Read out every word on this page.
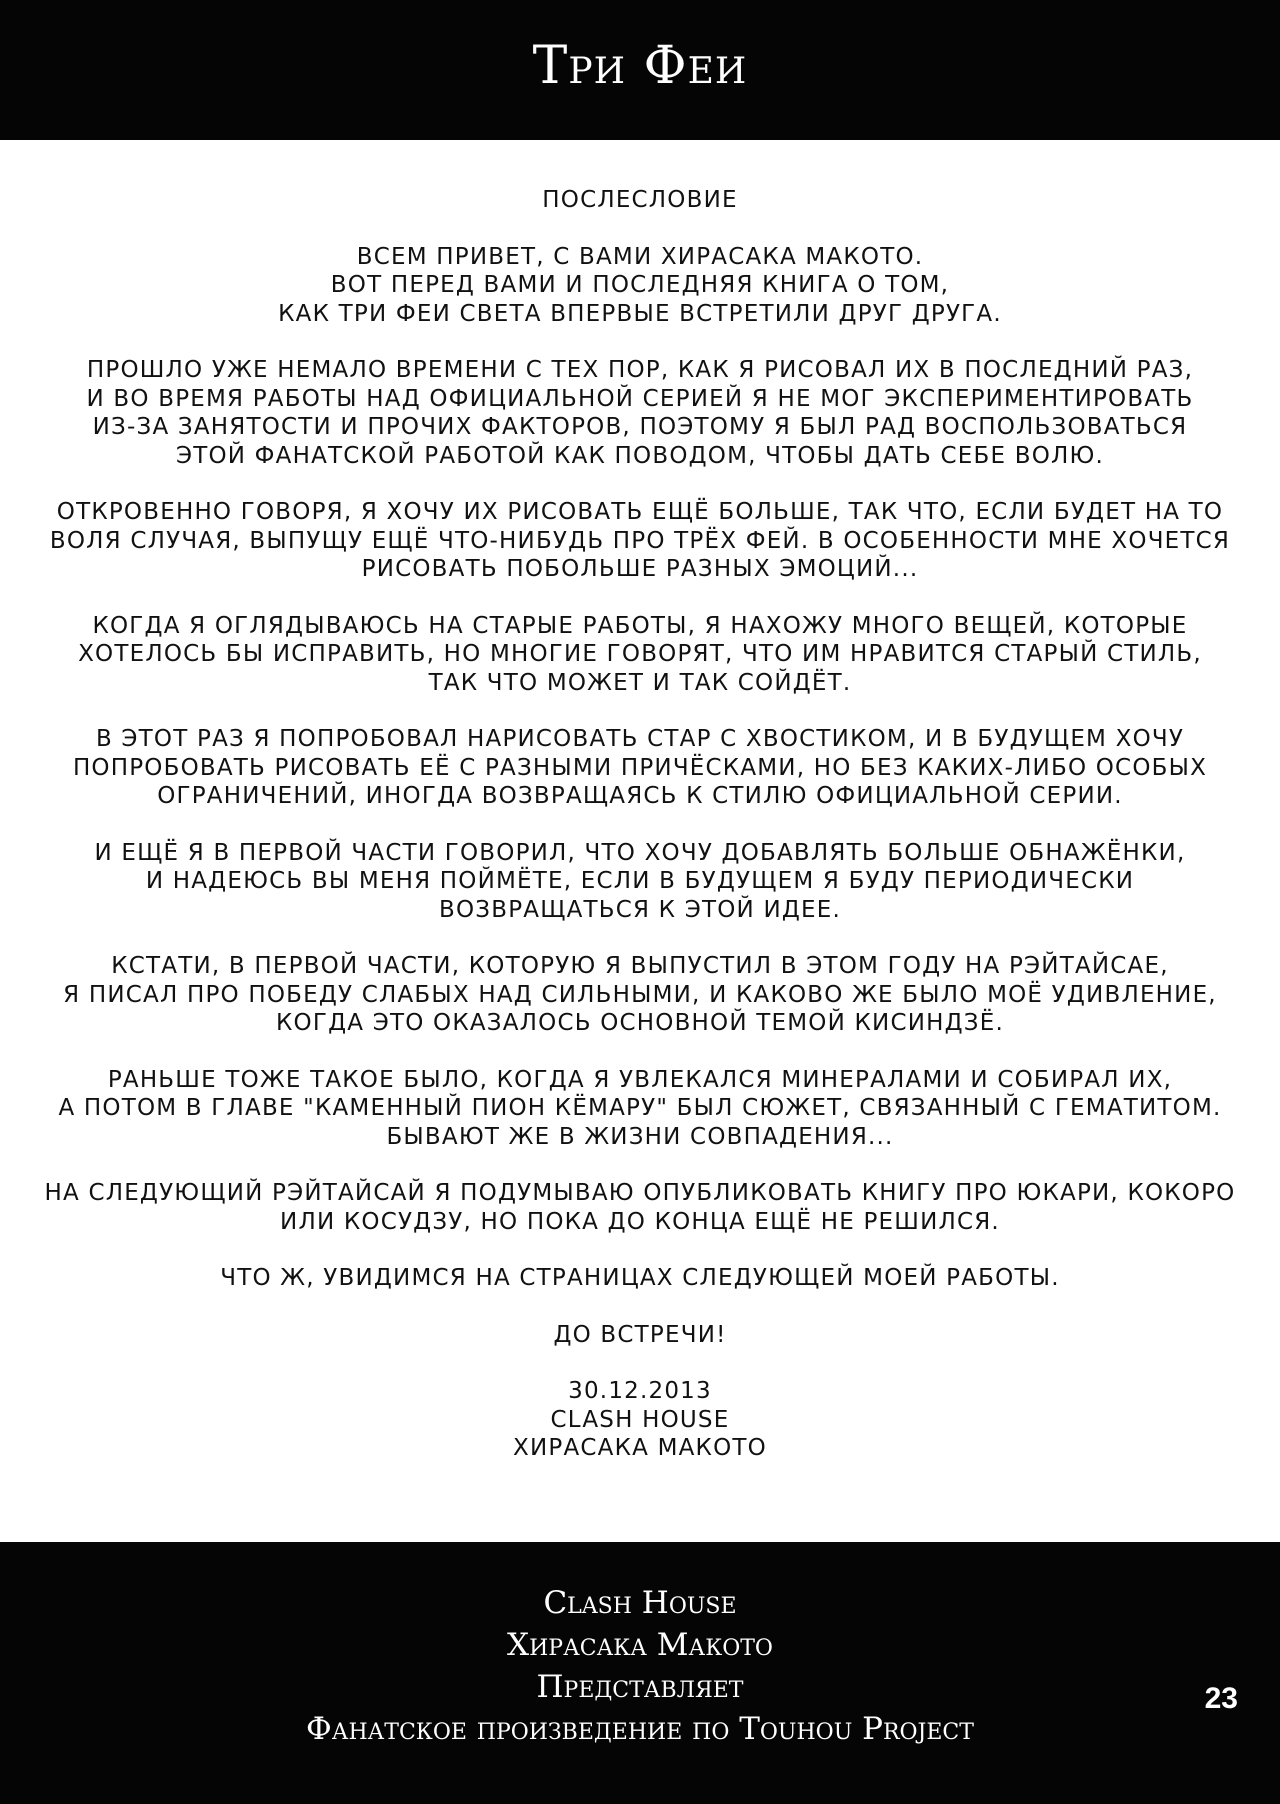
Три Феи
ПОСЛЕСЛОВИЕ
ВСЕМ ПРИВЕТ, С ВАМИ ХИРАСАКА МАКОТО.
ВОТ ПЕРЕД ВАМИ И ПОСЛЕДНЯЯ КНИГА О ТОМ,
КАК ТРИ ФЕИ СВЕТА ВПЕРВЫЕ ВСТРЕТИЛИ ДРУГ ДРУГА.
ПРОШЛО УЖЕ НЕМАЛО ВРЕМЕНИ С ТЕХ ПОР, КАК Я РИСОВАЛ ИХ В ПОСЛЕДНИЙ РАЗ,
И ВО ВРЕМЯ РАБОТЫ НАД ОФИЦИАЛЬНОЙ СЕРИЕЙ Я НЕ МОГ ЭКСПЕРИМЕНТИРОВАТЬ
ИЗ-ЗА ЗАНЯТОСТИ И ПРОЧИХ ФАКТОРОВ, ПОЭТОМУ Я БЫЛ РАД ВОСПОЛЬЗОВАТЬСЯ
ЭТОЙ ФАНАТСКОЙ РАБОТОЙ КАК ПОВОДОМ, ЧТОБЫ ДАТЬ СЕБЕ ВОЛЮ.
ОТКРОВЕННО ГОВОРЯ, Я ХОЧУ ИХ РИСОВАТЬ ЕЩЁ БОЛЬШЕ, ТАК ЧТО, ЕСЛИ БУДЕТ НА ТО
ВОЛЯ СЛУЧАЯ, ВЫПУЩУ ЕЩЁ ЧТО-НИБУДЬ ПРО ТРЁХ ФЕЙ. В ОСОБЕННОСТИ МНЕ ХОЧЕТСЯ
РИСОВАТЬ ПОБОЛЬШЕ РАЗНЫХ ЭМОЦИЙ...
КОГДА Я ОГЛЯДЫВАЮСЬ НА СТАРЫЕ РАБОТЫ, Я НАХОЖУ МНОГО ВЕЩЕЙ, КОТОРЫЕ
ХОТЕЛОСЬ БЫ ИСПРАВИТЬ, НО МНОГИЕ ГОВОРЯТ, ЧТО ИМ НРАВИТСЯ СТАРЫЙ СТИЛЬ,
ТАК ЧТО МОЖЕТ И ТАК СОЙДЁТ.
В ЭТОТ РАЗ Я ПОПРОБОВАЛ НАРИСОВАТЬ СТАР С ХВОСТИКОМ, И В БУДУЩЕМ ХОЧУ
ПОПРОБОВАТЬ РИСОВАТЬ ЕЁ С РАЗНЫМИ ПРИЧЁСКАМИ, НО БЕЗ КАКИХ-ЛИБО ОСОБЫХ
ОГРАНИЧЕНИЙ, ИНОГДА ВОЗВРАЩАЯСЬ К СТИЛЮ ОФИЦИАЛЬНОЙ СЕРИИ.
И ЕЩЁ Я В ПЕРВОЙ ЧАСТИ ГОВОРИЛ, ЧТО ХОЧУ ДОБАВЛЯТЬ БОЛЬШЕ ОБНАЖЁНКИ,
И НАДЕЮСЬ ВЫ МЕНЯ ПОЙМЁТЕ, ЕСЛИ В БУДУЩЕМ Я БУДУ ПЕРИОДИЧЕСКИ
ВОЗВРАЩАТЬСЯ К ЭТОЙ ИДЕЕ.
КСТАТИ, В ПЕРВОЙ ЧАСТИ, КОТОРУЮ Я ВЫПУСТИЛ В ЭТОМ ГОДУ НА РЭЙТАЙСАЕ,
Я ПИСАЛ ПРО ПОБЕДУ СЛАБЫХ НАД СИЛЬНЫМИ, И КАКОВО ЖЕ БЫЛО МОЁ УДИВЛЕНИЕ,
КОГДА ЭТО ОКАЗАЛОСЬ ОСНОВНОЙ ТЕМОЙ КИСИНДЗЁ.
РАНЬШЕ ТОЖЕ ТАКОЕ БЫЛО, КОГДА Я УВЛЕКАЛСЯ МИНЕРАЛАМИ И СОБИРАЛ ИХ,
А ПОТОМ В ГЛАВЕ "КАМЕННЫЙ ПИОН КЁМАРУ" БЫЛ СЮЖЕТ, СВЯЗАННЫЙ С ГЕМАТИТОМ.
БЫВАЮТ ЖЕ В ЖИЗНИ СОВПАДЕНИЯ...
НА СЛЕДУЮЩИЙ РЭЙТАЙСАЙ Я ПОДУМЫВАЮ ОПУБЛИКОВАТЬ КНИГУ ПРО ЮКАРИ, КОКОРО
ИЛИ КОСУДЗУ, НО ПОКА ДО КОНЦА ЕЩЁ НЕ РЕШИЛСЯ.
ЧТО Ж, УВИДИМСЯ НА СТРАНИЦАХ СЛЕДУЮЩЕЙ МОЕЙ РАБОТЫ.
ДО ВСТРЕЧИ!
30.12.2013
CLASH HOUSE
ХИРАСАКА МАКОТО
Clash House
Хирасака Макото
Представляет
Фанатское произведение по Touhou Project
23
